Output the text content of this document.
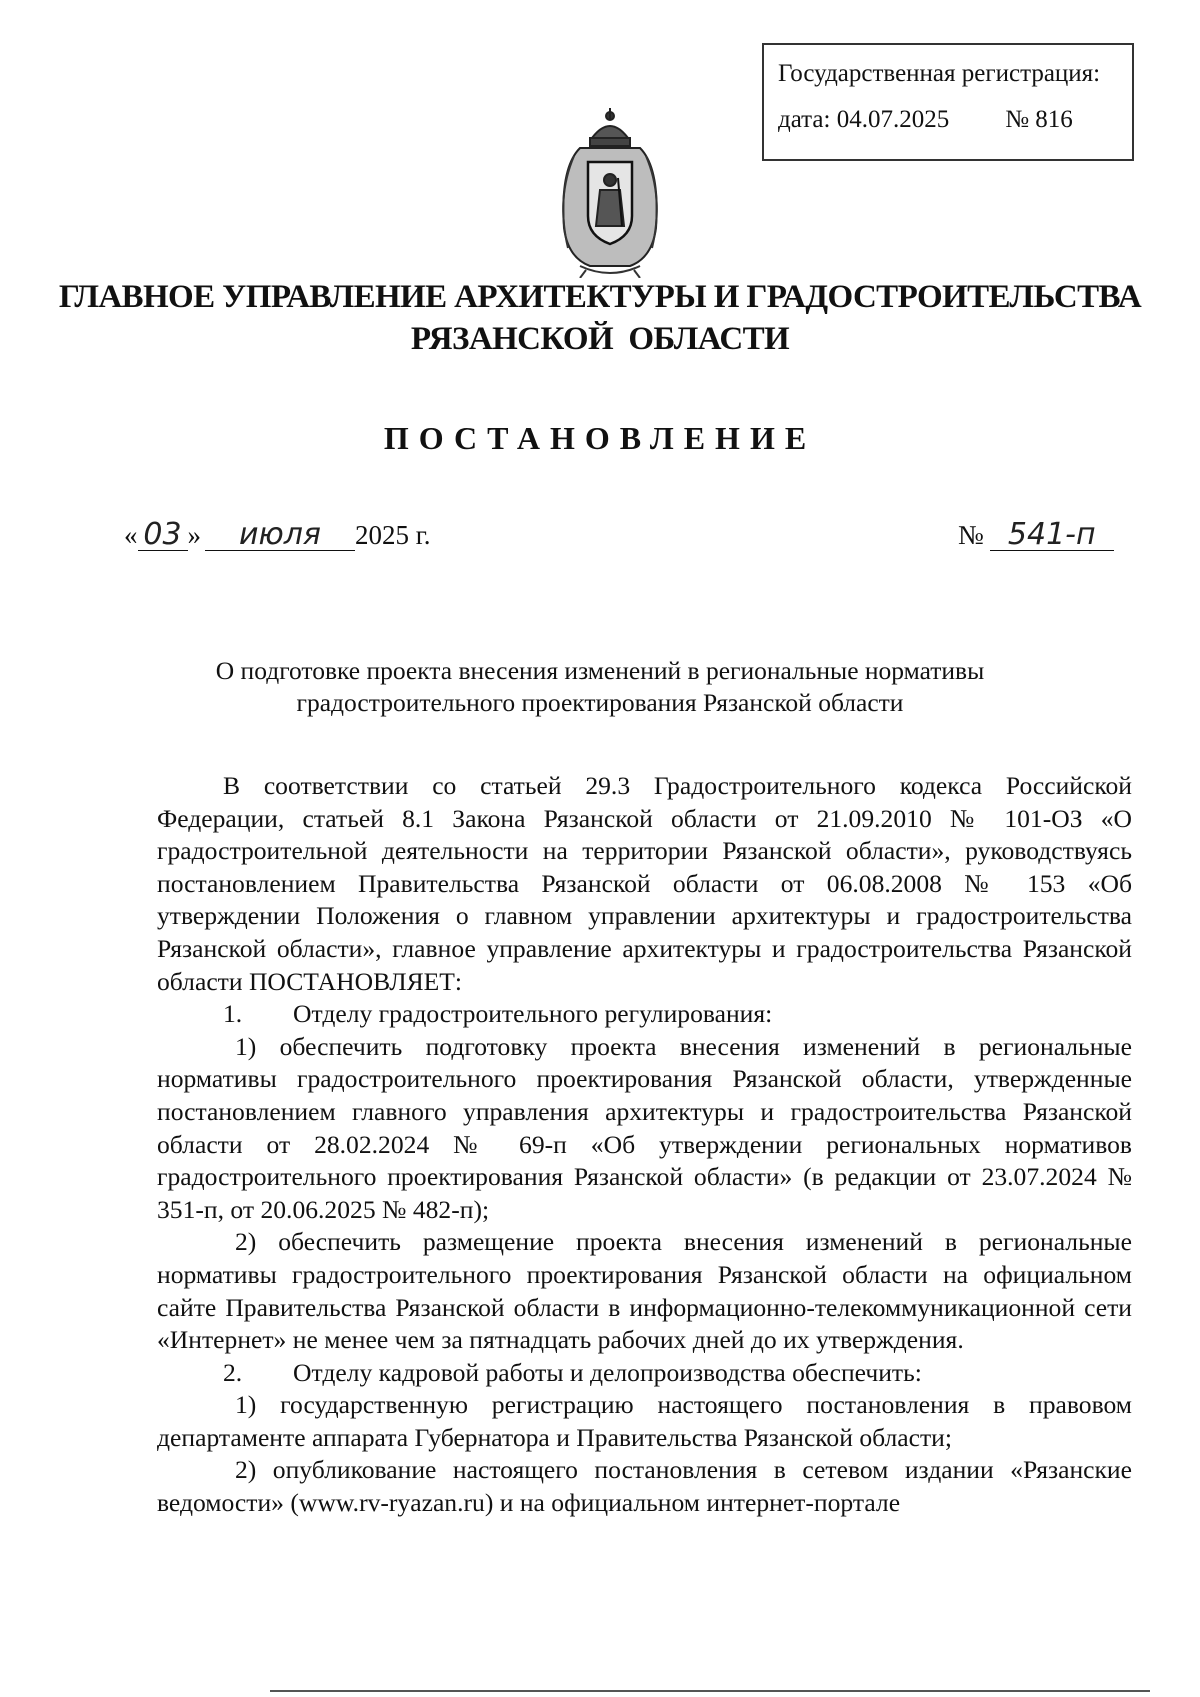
Государственная регистрация:
дата: 04.07.2025 № 816
ГЛАВНОЕ УПРАВЛЕНИЕ АРХИТЕКТУРЫ И ГРАДОСТРОИТЕЛЬСТВА
РЯЗАНСКОЙ  ОБЛАСТИ
ПОСТАНОВЛЕНИЕ
« 03 »	июля	2025 г.	№ 541-п
О подготовке проекта внесения изменений в региональные нормативы
градостроительного проектирования Рязанской области

В соответствии со статьей 29.3 Градостроительного кодекса Российской Федерации, статьей 8.1 Закона Рязанской области от 21.09.2010 № 101-ОЗ «О градостроительной деятельности на территории Рязанской области», руководствуясь постановлением Правительства Рязанской области от 06.08.2008 № 153 «Об утверждении Положения о главном управлении архитектуры и градостроительства Рязанской области», главное управление архитектуры и градостроительства Рязанской области ПОСТАНОВЛЯЕТ:

1.	Отделу градостроительного регулирования:

1) обеспечить подготовку проекта внесения изменений в региональные нормативы градостроительного проектирования Рязанской области, утвержденные постановлением главного управления архитектуры и градостроительства Рязанской области от 28.02.2024 № 69-п «Об утверждении региональных нормативов градостроительного проектирования Рязанской области» (в редакции от 23.07.2024 № 351-п, от 20.06.2025 № 482-п);

2) обеспечить размещение проекта внесения изменений в региональные нормативы градостроительного проектирования Рязанской области на официальном сайте Правительства Рязанской области в информационно-телекоммуникационной сети «Интернет» не менее чем за пятнадцать рабочих дней до их утверждения.

2.	Отделу кадровой работы и делопроизводства обеспечить:

1) государственную регистрацию настоящего постановления в правовом департаменте аппарата Губернатора и Правительства Рязанской области;

2) опубликование настоящего постановления в сетевом издании «Рязанские ведомости» (www.rv-ryazan.ru) и на официальном интернет-портале
